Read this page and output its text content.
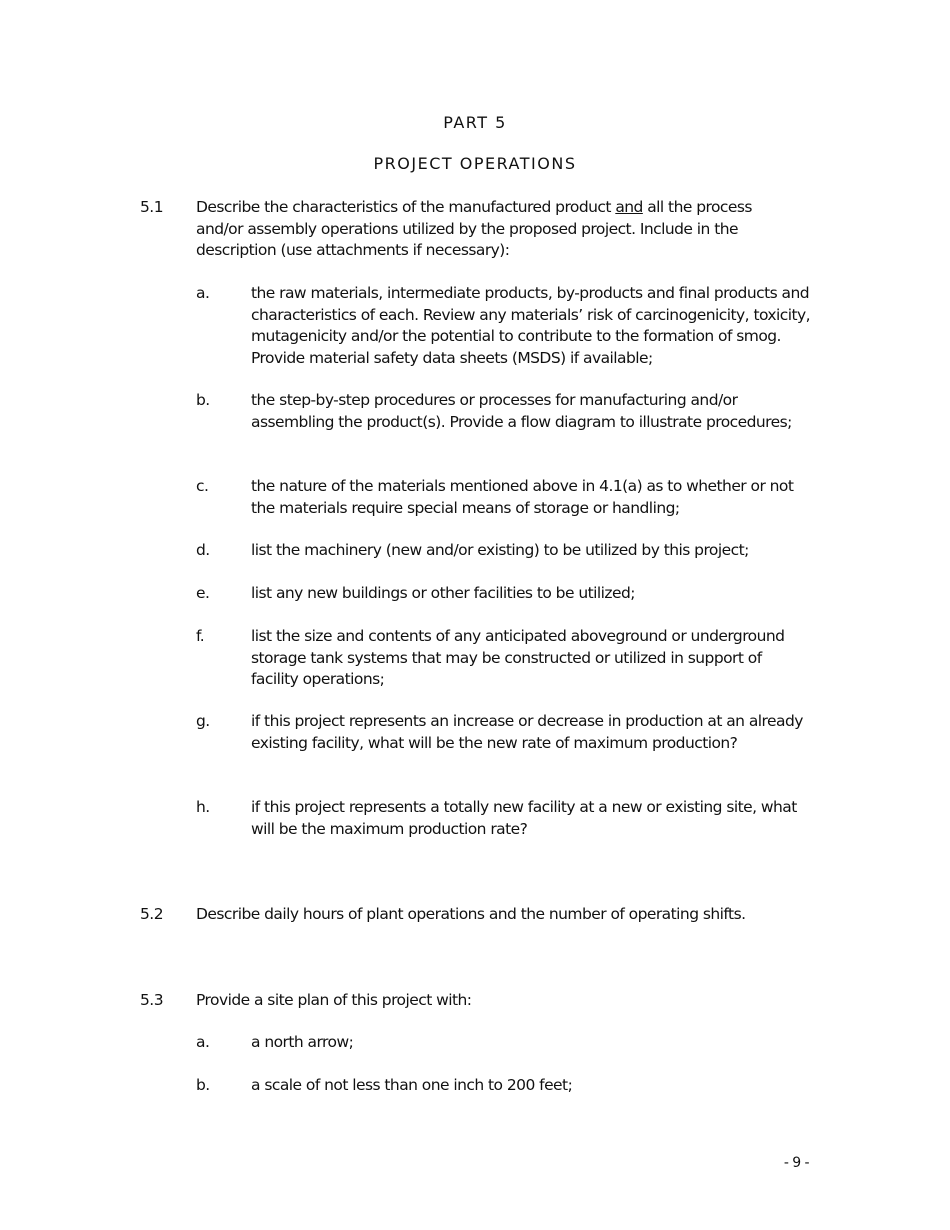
PART 5
PROJECT OPERATIONS
5.1 Describe the characteristics of the manufactured product and all the process and/or assembly operations utilized by the proposed project. Include in the description (use attachments if necessary):
a.	the raw materials, intermediate products, by-products and final products and characteristics of each. Review any materials’ risk of carcinogenicity, toxicity, mutagenicity and/or the potential to contribute to the formation of smog. Provide material safety data sheets (MSDS) if available;
b.	the step-by-step procedures or processes for manufacturing and/or assembling the product(s). Provide a flow diagram to illustrate procedures;
c.	the nature of the materials mentioned above in 4.1(a) as to whether or not the materials require special means of storage or handling;
d.	list the machinery (new and/or existing) to be utilized by this project;
e.	list any new buildings or other facilities to be utilized;
f.	list the size and contents of any anticipated aboveground or underground storage tank systems that may be constructed or utilized in support of facility operations;
g.	if this project represents an increase or decrease in production at an already existing facility, what will be the new rate of maximum production?
h.	if this project represents a totally new facility at a new or existing site, what will be the maximum production rate?
5.2 Describe daily hours of plant operations and the number of operating shifts.
5.3 Provide a site plan of this project with:
a.	a north arrow;
b.	a scale of not less than one inch to 200 feet;
- 9 -
